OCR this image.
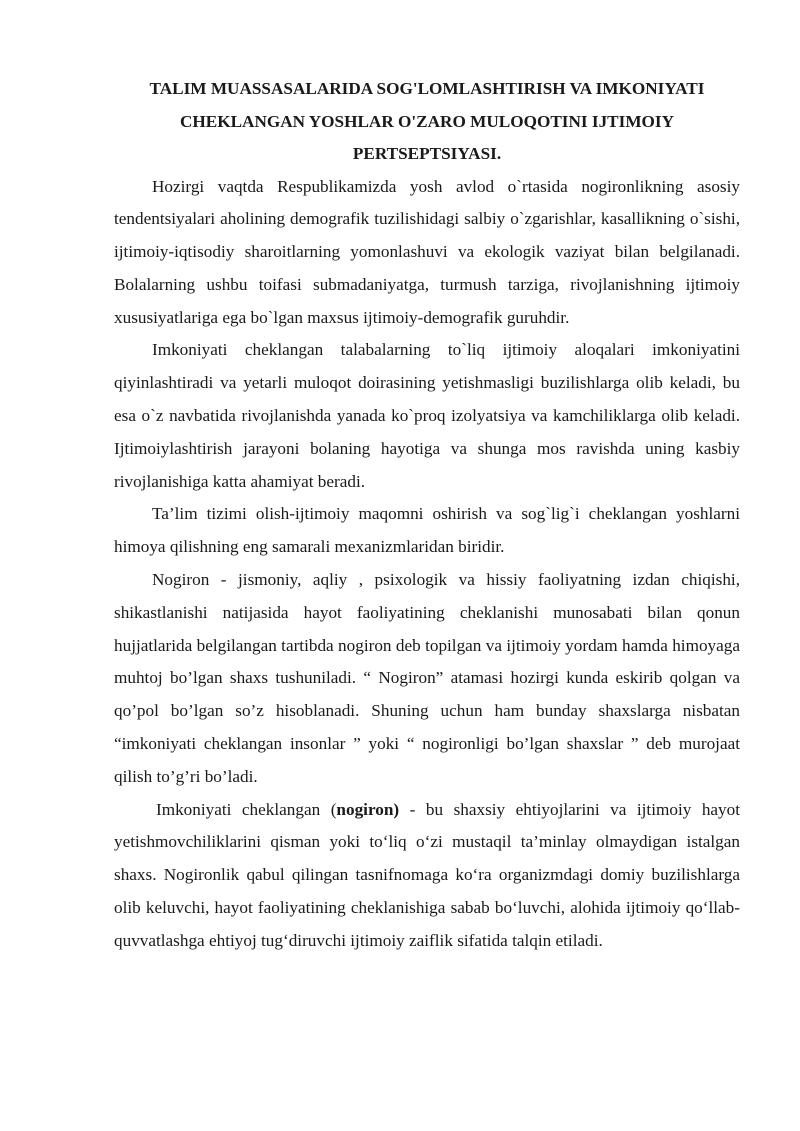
TALIM MUASSASALARIDA SOG'LOMLASHTIRISH VA IMKONIYATI CHEKLANGAN YOSHLAR O'ZARO MULOQOTINI IJTIMOIY PERTSEPTSIYASI.

Hozirgi vaqtda Respublikamizda yosh avlod o`rtasida nogironlikning asosiy tendentsiyalari aholining demografik tuzilishidagi salbiy o`zgarishlar, kasallikning o`sishi, ijtimoiy-iqtisodiy sharoitlarning yomonlashuvi va ekologik vaziyat bilan belgilanadi. Bolalarning ushbu toifasi submadaniyatga, turmush tarziga, rivojlanishning ijtimoiy xususiyatlariga ega bo`lgan maxsus ijtimoiy-demografik guruhdir.

Imkoniyati cheklangan talabalarning to`liq ijtimoiy aloqalari imkoniyatini qiyinlashtiradi va yetarli muloqot doirasining yetishmasligi buzilishlarga olib keladi, bu esa o`z navbatida rivojlanishda yanada ko`proq izolyatsiya va kamchiliklarga olib keladi. Ijtimoiylashtirish jarayoni bolaning hayotiga va shunga mos ravishda uning kasbiy rivojlanishiga katta ahamiyat beradi.

Ta’lim tizimi olish-ijtimoiy maqomni oshirish va sog`lig`i cheklangan yoshlarni himoya qilishning eng samarali mexanizmlaridan biridir.

Nogiron - jismoniy, aqliy , psixologik va hissiy faoliyatning izdan chiqishi, shikastlanishi natijasida hayot faoliyatining cheklanishi munosabati bilan qonun hujjatlarida belgilangan tartibda nogiron deb topilgan va ijtimoiy yordam hamda himoyaga muhtoj bo’lgan shaxs tushuniladi. “ Nogiron” atamasi hozirgi kunda eskirib qolgan va qo’pol bo’lgan so’z hisoblanadi. Shuning uchun ham bunday shaxslarga nisbatan “imkoniyati cheklangan insonlar ” yoki “ nogironligi bo’lgan shaxslar ” deb murojaat qilish to’g’ri bo’ladi.

Imkoniyati cheklangan (nogiron) - bu shaxsiy ehtiyojlarini va ijtimoiy hayot yetishmovchiliklarini qisman yoki to‘liq o‘zi mustaqil ta’minlay olmaydigan istalgan shaxs. Nogironlik qabul qilingan tasnifnomaga ko‘ra organizmdagi domiy buzilishlarga olib keluvchi, hayot faoliyatining cheklanishiga sabab bo‘luvchi, alohida ijtimoiy qo‘llab-quvvatlashga ehtiyoj tug‘diruvchi ijtimoiy zaiflik sifatida talqin etiladi.
